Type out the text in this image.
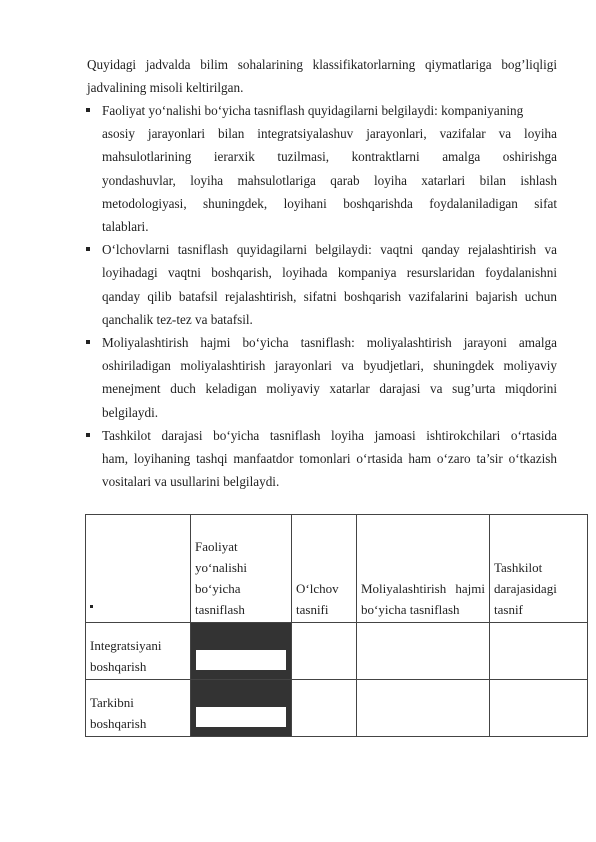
Quyidagi jadvalda bilim sohalarining klassifikatorlarning qiymatlariga bog’liqligi jadvalining misoli keltirilgan.

Faoliyat yo‘nalishi bo‘yicha tasniflash quyidagilarni belgilaydi: kompaniyaning
asosiy jarayonlari bilan integratsiyalashuv jarayonlari, vazifalar va loyiha
mahsulotlarining ierarxik tuzilmasi, kontraktlarni amalga oshirishga
yondashuvlar, loyiha mahsulotlariga qarab loyiha xatarlari bilan ishlash
metodologiyasi, shuningdek, loyihani boshqarishda foydalaniladigan sifat
talablari.
O‘lchovlarni tasniflash quyidagilarni belgilaydi: vaqtni qanday rejalashtirish va
loyihadagi vaqtni boshqarish, loyihada kompaniya resurslaridan foydalanishni
qanday qilib batafsil rejalashtirish, sifatni boshqarish vazifalarini bajarish uchun
qanchalik tez-tez va batafsil.
Moliyalashtirish hajmi bo‘yicha tasniflash: moliyalashtirish jarayoni amalga
oshiriladigan moliyalashtirish jarayonlari va byudjetlari, shuningdek moliyaviy
menejment duch keladigan moliyaviy xatarlar darajasi va sug’urta miqdorini
belgilaydi.
Tashkilot darajasi bo‘yicha tasniflash loyiha jamoasi ishtirokchilari o‘rtasida
ham, loyihaning tashqi manfaatdor tomonlari o‘rtasida ham o‘zaro ta’sir o‘tkazish
vositalari va usullarini belgilaydi.
	Faoliyat yo‘nalishi bo‘yicha tasniflash	O‘lchov tasnifi	Moliyalashtirish hajmi bo‘yicha tasniflash	Tashkilot darajasidagi tasnif
Integratsiyani boshqarish	

Tarkibni boshqarish	
